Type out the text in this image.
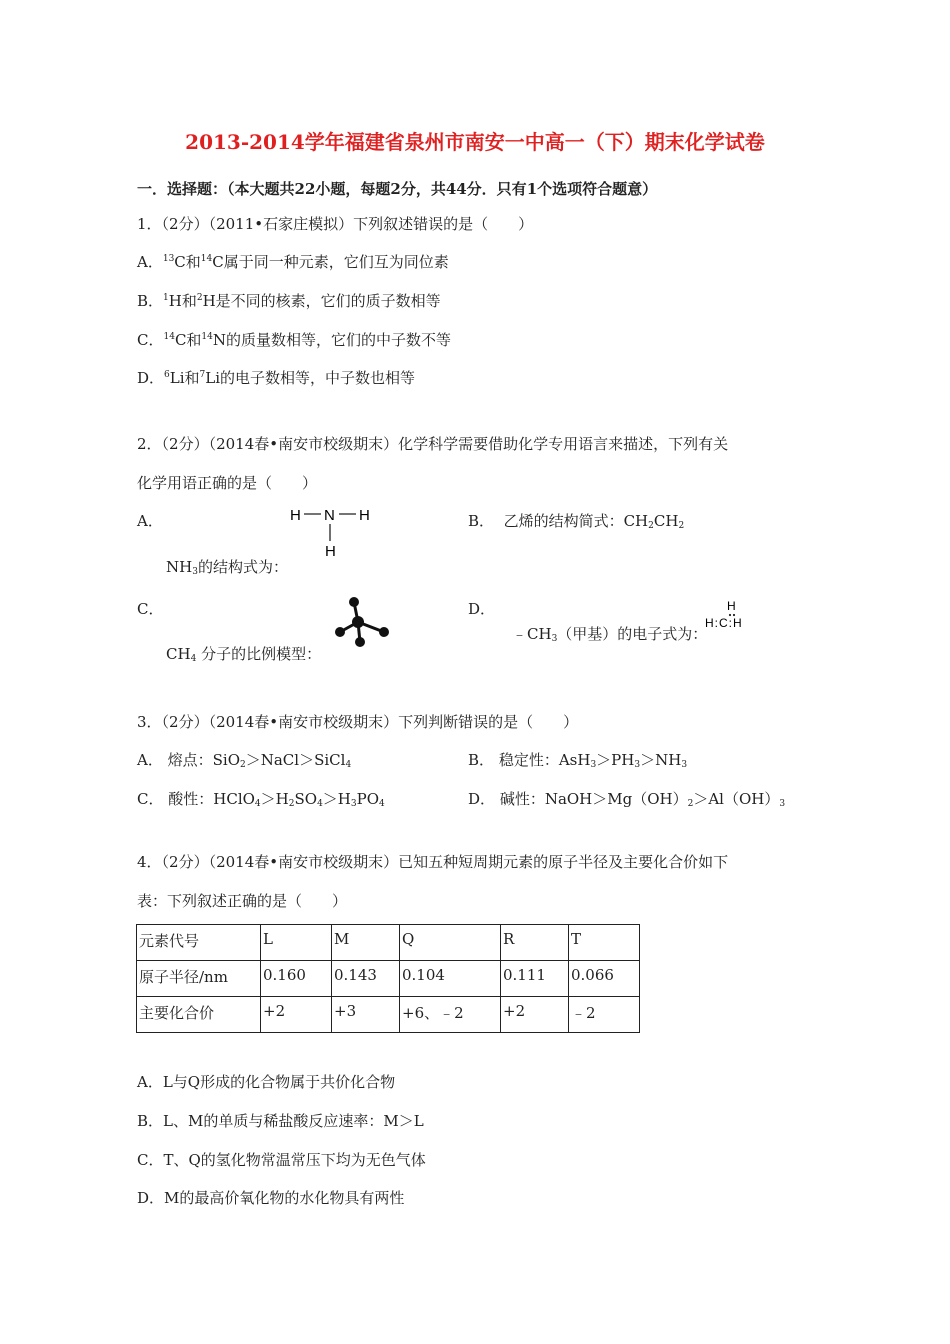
2013-2014学年福建省泉州市南安一中高一（下）期末化学试卷
一．选择题：（本大题共22小题，每题2分，共44分．只有1个选项符合题意）
1．（2分）（2011•石家庄模拟）下列叙述错误的是（　　）
A．$^{13}$C和$^{14}$C属于同一种元素，它们互为同位素
B．$^1$H和$^2$H是不同的核素，它们的质子数相等
C．$^{14}$C和$^{14}$N的质量数相等，它们的中子数不等
D．$^6$Li和$^7$Li的电子数相等，中子数也相等
2．（2分）（2014春•南安市校级期末）化学科学需要借助化学专用语言来描述，下列有关
化学用语正确的是（　　）
A．	H N H
H
$NH_3$的结构式为：
B． 乙烯的结构简式：$CH_2CH_2$
C．
$CH_4$ 分子的比例模型：
D．
$﹣CH_3$（甲基）的电子式为：
H
H:C:H
3．（2分）（2014春•南安市校级期末）下列判断错误的是（　　）
A． 熔点：SiO$_2$＞NaCl＞SiCl$_4$	B． 稳定性：$AsH_3>PH_3>NH_3$
C． 酸性：$HClO_4>H_2SO_4>H_3PO_4$	D． 碱性：$NaOH>Mg(OH)_2>Al(OH)_3$
4．（2分）（2014春•南安市校级期末）已知五种短周期元素的原子半径及主要化合价如下
表：下列叙述正确的是（　　）
元素代号	L	M	Q	R	T
原子半径/nm	0.160	0.143	0.104	0.111	0.066
主要化合价	+2	+3	+6、﹣2	+2	﹣2
A．L与Q形成的化合物属于共价化合物
B．L、M的单质与稀盐酸反应速率：M＞L
C．T、Q的氢化物常温常压下均为无色气体
D．M的最高价氧化物的水化物具有两性
